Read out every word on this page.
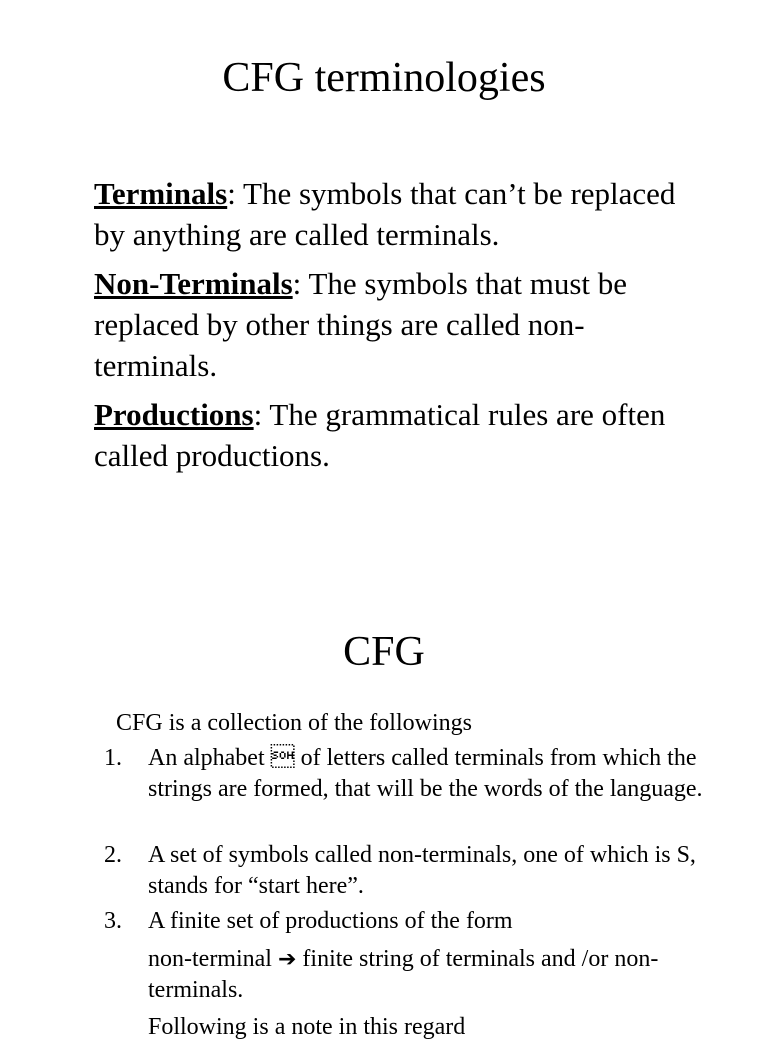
CFG terminologies

Terminals: The symbols that can’t be replaced by anything are called terminals.

Non-Terminals: The symbols that must be replaced by other things are called non-terminals.

Productions: The grammatical rules are often called productions.

CFG

CFG is a collection of the followings

1. An alphabet  of letters called terminals from which the strings are formed, that will be the words of the language.
2. A set of symbols called non-terminals, one of which is S, stands for “start here”.
3. A finite set of productions of the form
non-terminal ➔ finite string of terminals and /or non-terminals.
Following is a note in this regard
